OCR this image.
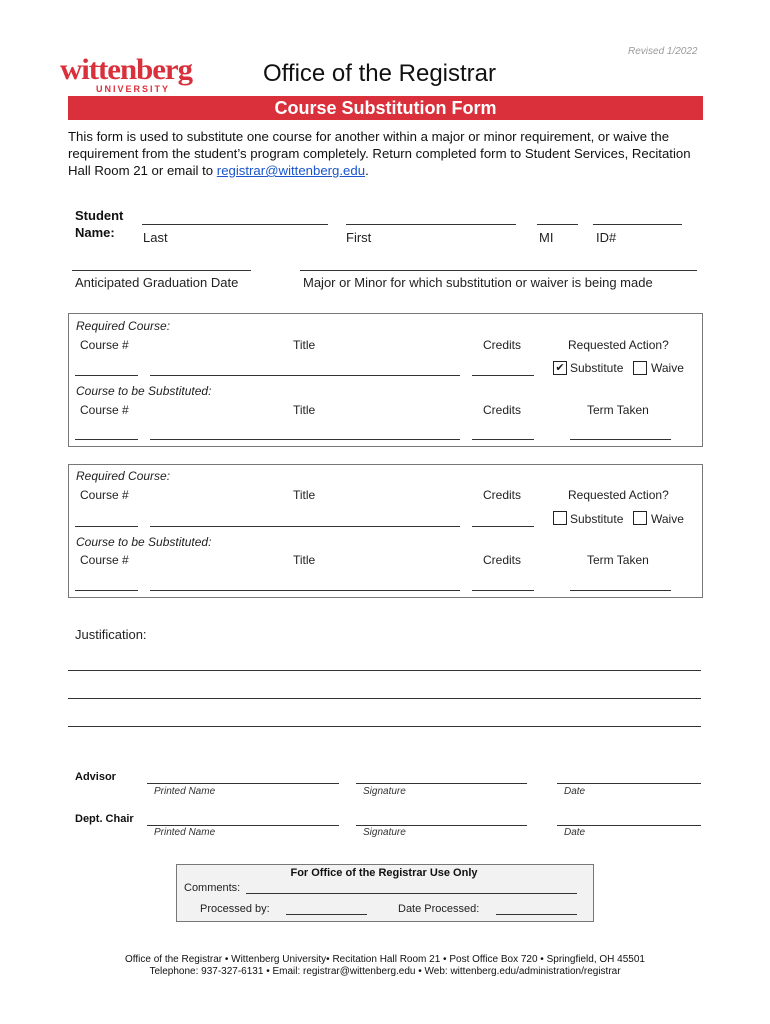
Revised 1/2022
wittenberg
UNIVERSITY
Office of the Registrar
Course Substitution Form
This form is used to substitute one course for another within a major or minor requirement, or waive the requirement from the student’s program completely. Return completed form to Student Services, Recitation Hall Room 21 or email to registrar@wittenberg.edu.
Student
Name: Last	First	MI	ID#
Anticipated Graduation Date	Major or Minor for which substitution or waiver is being made
Required Course:
Course #	Title	Credits	Requested Action?
✔ Substitute Waive
Course to be Substituted:
Course #	Title	Credits	Term Taken
Required Course:
Course #	Title	Credits	Requested Action?
Substitute Waive
Course to be Substituted:
Course #	Title	Credits	Term Taken
Justification:
Advisor
Printed Name	Signature	Date
Dept. Chair
Printed Name	Signature	Date
For Office of the Registrar Use Only
Comments:
Processed by:	Date Processed:
Office of the Registrar • Wittenberg University• Recitation Hall Room 21 • Post Office Box 720 • Springfield, OH 45501
Telephone: 937-327-6131 • Email: registrar@wittenberg.edu • Web: wittenberg.edu/administration/registrar
